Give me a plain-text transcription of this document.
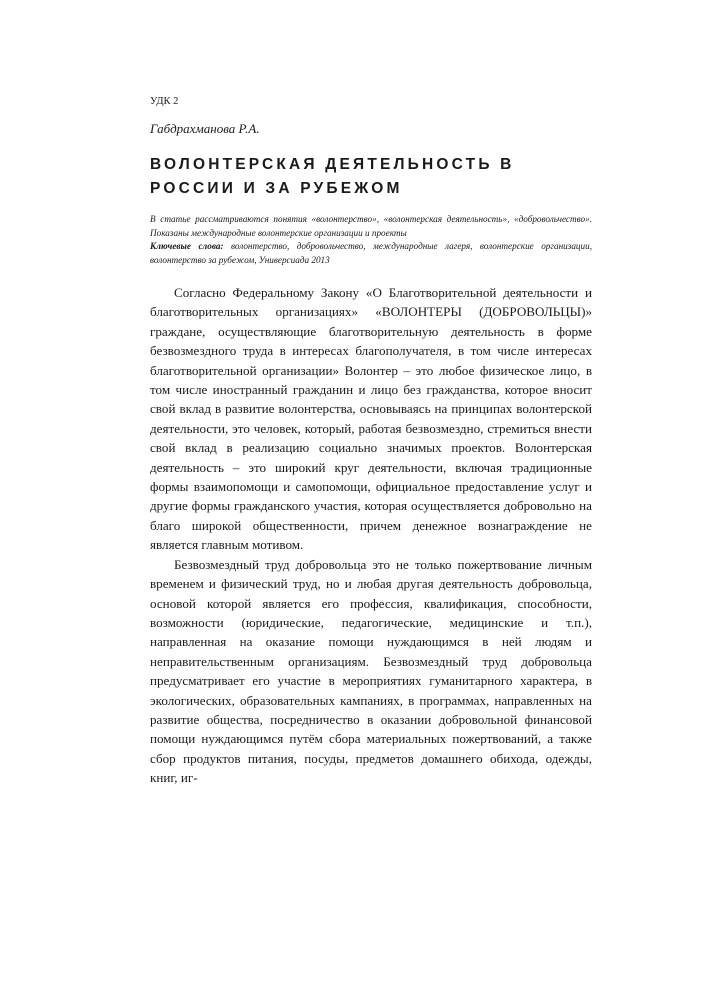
УДК 2
Габдрахманова Р.А.
ВОЛОНТЕРСКАЯ ДЕЯТЕЛЬНОСТЬ В
РОССИИ И ЗА РУБЕЖОМ

В статье рассматриваются понятия «волонтерство», «волонтерская деятельность», «добровольчество». Показаны международные волонтерские организации и проекты

Ключевые слова: волонтерство, добровольчество, международные лагеря, волонтерские организации, волонтерство за рубежом, Универсиада 2013

Согласно Федеральному Закону «О Благотворительной деятельности и благотворительных организациях» «ВОЛОНТЕРЫ (ДОБРОВОЛЬЦЫ)» граждане, осуществляющие благотворительную деятельность в форме безвозмездного труда в интересах благополучателя, в том числе интересах благотворительной организации» Волонтер – это любое физическое лицо, в том числе иностранный гражданин и лицо без гражданства, которое вносит свой вклад в развитие волонтерства, основываясь на принципах волонтерской деятельности, это человек, который, работая безвозмездно, стремиться внести свой вклад в реализацию социально значимых проектов. Волонтерская деятельность – это широкий круг деятельности, включая традиционные формы взаимопомощи и самопомощи, официальное предоставление услуг и другие формы гражданского участия, которая осуществляется добровольно на благо широкой общественности, причем денежное вознаграждение не является главным мотивом.

Безвозмездный труд добровольца это не только пожертвование личным временем и физический труд, но и любая другая деятельность добровольца, основой которой является его профессия, квалификация, способности, возможности (юридические, педагогические, медицинские и т.п.), направленная на оказание помощи нуждающимся в ней людям и неправительственным организациям. Безвозмездный труд добровольца предусматривает его участие в мероприятиях гуманитарного характера, в экологических, образовательных кампаниях, в программах, направленных на развитие общества, посредничество в оказании добровольной финансовой помощи нуждающимся путём сбора материальных пожертвований, а также сбор продуктов питания, посуды, предметов домашнего обихода, одежды, книг, иг-
